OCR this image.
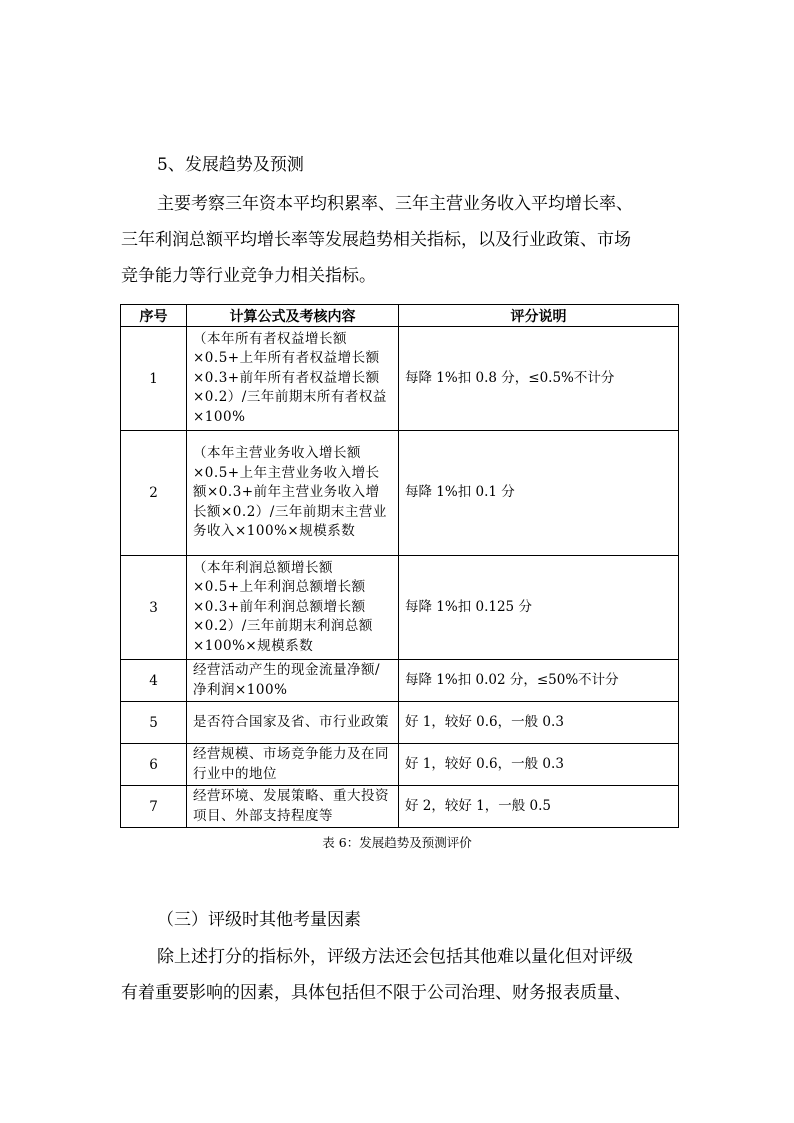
5、发展趋势及预测
主要考察三年资本平均积累率、三年主营业务收入平均增长率、
三年利润总额平均增长率等发展趋势相关指标，以及行业政策、市场
竞争能力等行业竞争力相关指标。
序号	计算公式及考核内容	评分说明
1	（本年所有者权益增长额×0.5+上年所有者权益增长额×0.3+前年所有者权益增长额×0.2）/三年前期末所有者权益×100%	每降 1%扣 0.8 分，≤0.5%不计分
2	（本年主营业务收入增长额×0.5+上年主营业务收入增长额×0.3+前年主营业务收入增长额×0.2）/三年前期末主营业务收入×100%×规模系数	每降 1%扣 0.1 分
3	（本年利润总额增长额×0.5+上年利润总额增长额×0.3+前年利润总额增长额×0.2）/三年前期末利润总额×100%×规模系数	每降 1%扣 0.125 分
4	经营活动产生的现金流量净额/净利润×100%	每降 1%扣 0.02 分，≤50%不计分
5	是否符合国家及省、市行业政策	好 1，较好 0.6，一般 0.3
6	经营规模、市场竞争能力及在同行业中的地位	好 1，较好 0.6，一般 0.3
7	经营环境、发展策略、重大投资项目、外部支持程度等	好 2，较好 1，一般 0.5
表 6：发展趋势及预测评价
（三）评级时其他考量因素
除上述打分的指标外，评级方法还会包括其他难以量化但对评级
有着重要影响的因素，具体包括但不限于公司治理、财务报表质量、
